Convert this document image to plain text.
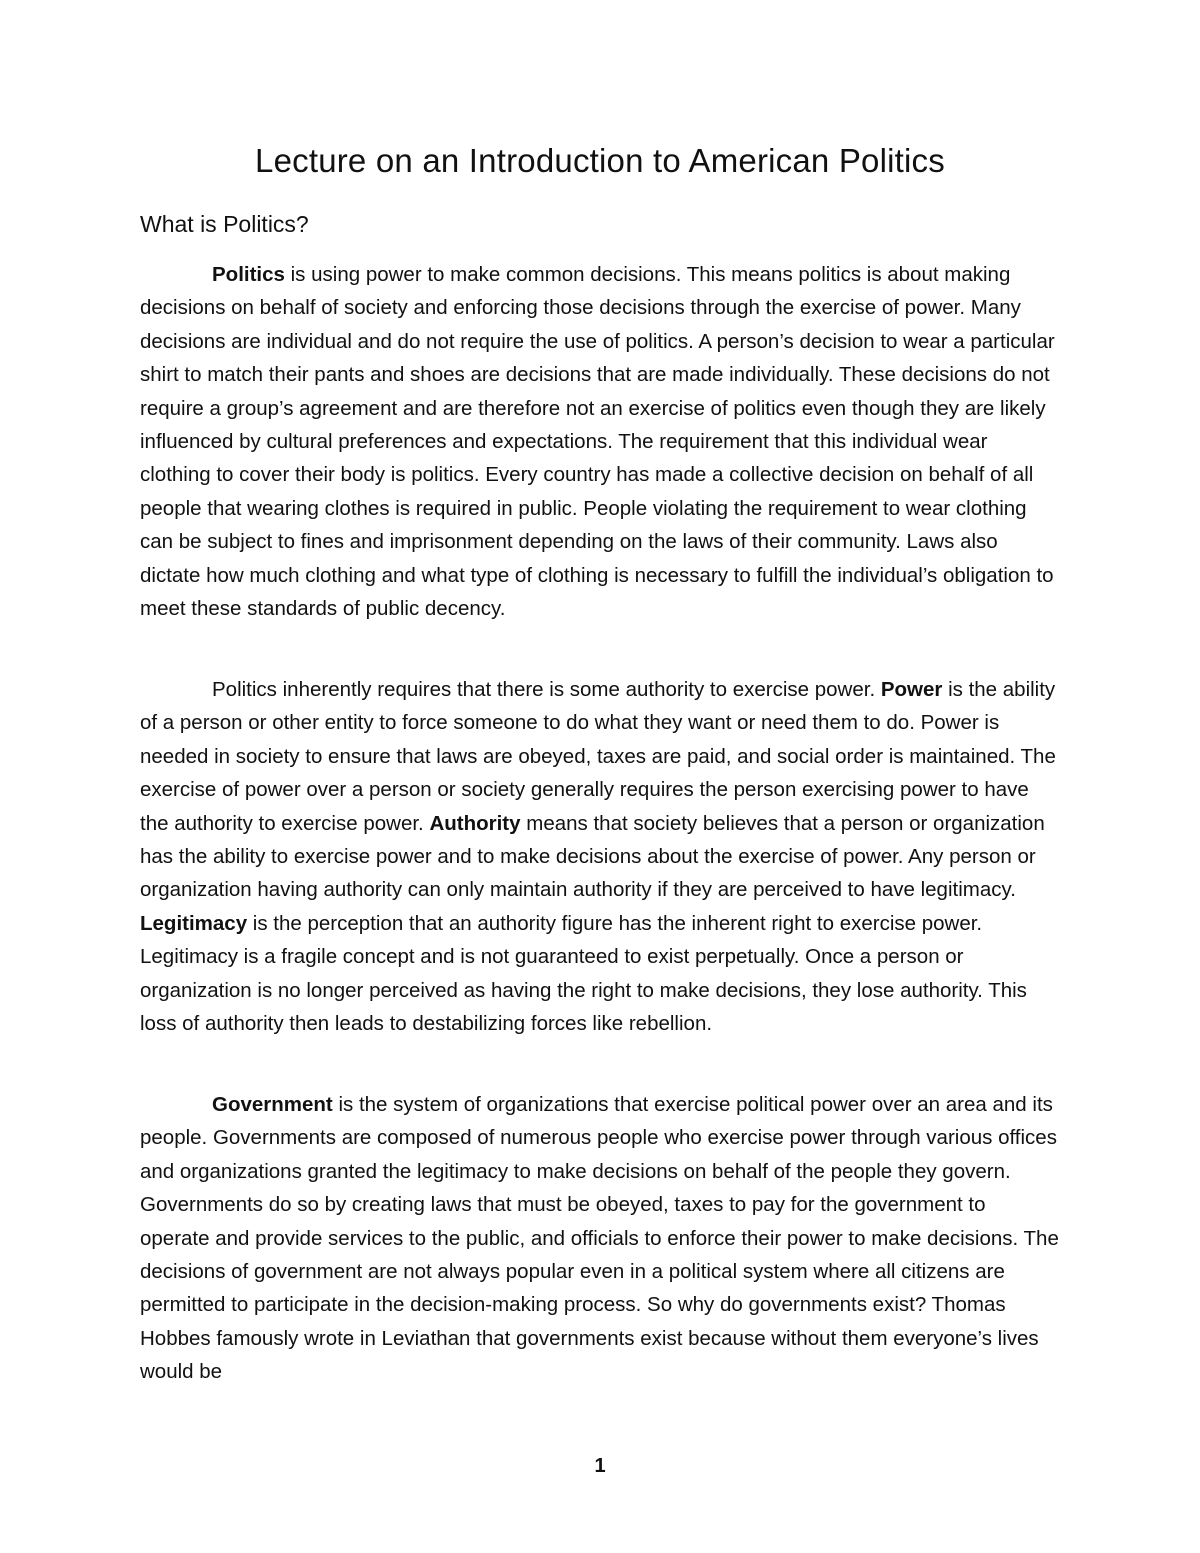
Lecture on an Introduction to American Politics
What is Politics?

Politics is using power to make common decisions. This means politics is about making decisions on behalf of society and enforcing those decisions through the exercise of power. Many decisions are individual and do not require the use of politics. A person’s decision to wear a particular shirt to match their pants and shoes are decisions that are made individually. These decisions do not require a group’s agreement and are therefore not an exercise of politics even though they are likely influenced by cultural preferences and expectations. The requirement that this individual wear clothing to cover their body is politics. Every country has made a collective decision on behalf of all people that wearing clothes is required in public. People violating the requirement to wear clothing can be subject to fines and imprisonment depending on the laws of their community. Laws also dictate how much clothing and what type of clothing is necessary to fulfill the individual’s obligation to meet these standards of public decency.

Politics inherently requires that there is some authority to exercise power. Power is the ability of a person or other entity to force someone to do what they want or need them to do. Power is needed in society to ensure that laws are obeyed, taxes are paid, and social order is maintained. The exercise of power over a person or society generally requires the person exercising power to have the authority to exercise power. Authority means that society believes that a person or organization has the ability to exercise power and to make decisions about the exercise of power. Any person or organization having authority can only maintain authority if they are perceived to have legitimacy. Legitimacy is the perception that an authority figure has the inherent right to exercise power. Legitimacy is a fragile concept and is not guaranteed to exist perpetually. Once a person or organization is no longer perceived as having the right to make decisions, they lose authority. This loss of authority then leads to destabilizing forces like rebellion.

Government is the system of organizations that exercise political power over an area and its people. Governments are composed of numerous people who exercise power through various offices and organizations granted the legitimacy to make decisions on behalf of the people they govern. Governments do so by creating laws that must be obeyed, taxes to pay for the government to operate and provide services to the public, and officials to enforce their power to make decisions. The decisions of government are not always popular even in a political system where all citizens are permitted to participate in the decision-making process. So why do governments exist? Thomas Hobbes famously wrote in Leviathan that governments exist because without them everyone’s lives would be

1
